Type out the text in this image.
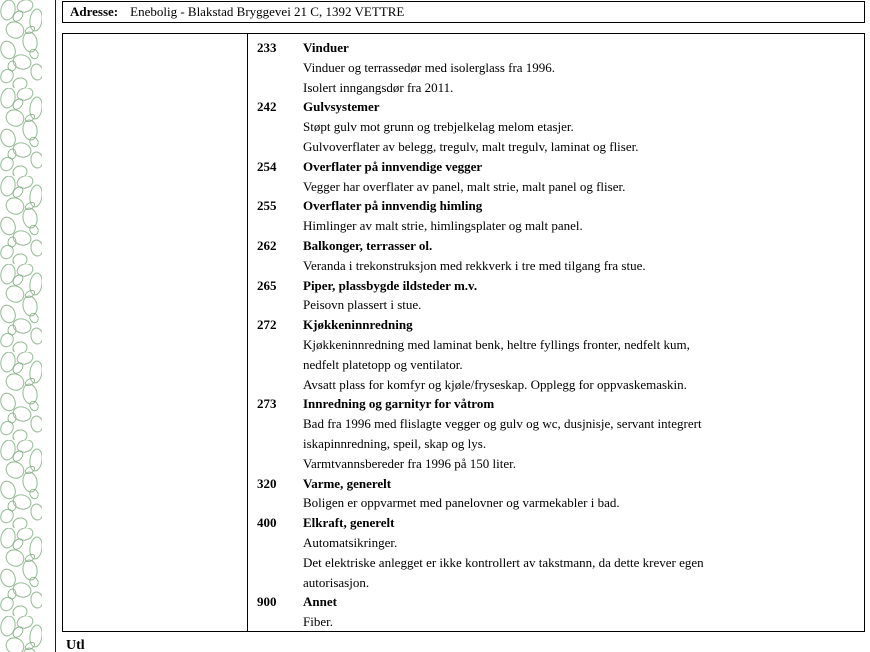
Adresse: Enebolig - Blakstad Bryggevei 21 C, 1392 VETTRE
233	Vinduer
Vinduer og terrassedør med isolerglass fra 1996.
Isolert inngangsdør fra 2011.
242	Gulvsystemer
Støpt gulv mot grunn og trebjelkelag melom etasjer.
Gulvoverflater av belegg, tregulv, malt tregulv, laminat og fliser.
254	Overflater på innvendige vegger
Vegger har overflater av panel, malt strie, malt panel og fliser.
255	Overflater på innvendig himling
Himlinger av malt strie, himlingsplater og malt panel.
262	Balkonger, terrasser ol.
Veranda i trekonstruksjon med rekkverk i tre med tilgang fra stue.
265	Piper, plassbygde ildsteder m.v.
Peisovn plassert i stue.
272	Kjøkkeninnredning
Kjøkkeninnredning med laminat benk, heltre fyllings fronter, nedfelt kum,
nedfelt platetopp og ventilator.
Avsatt plass for komfyr og kjøle/fryseskap. Opplegg for oppvaskemaskin.
273	Innredning og garnityr for våtrom
Bad fra 1996 med flislagte vegger og gulv og wc, dusjnisje, servant integrert
iskapinnredning, speil, skap og lys.
Varmtvannsbereder fra 1996 på 150 liter.
320	Varme, generelt
Boligen er oppvarmet med panelovner og varmekabler i bad.
400	Elkraft, generelt
Automatsikringer.
Det elektriske anlegget er ikke kontrollert av takstmann, da dette krever egen
autorisasjon.
900	Annet
Fiber.
Utl
